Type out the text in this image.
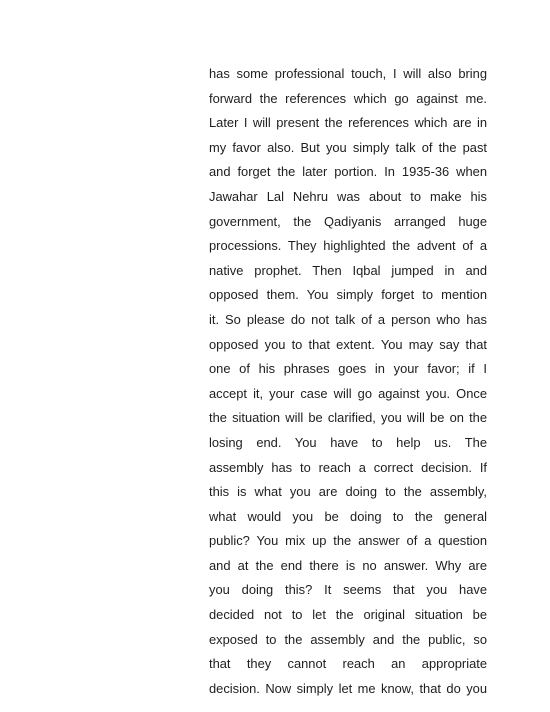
has some professional touch, I will also bring
forward the references which go against me.
Later I will present the references which are in
my favor also. But you simply talk of the past
and forget the later portion. In 1935-36 when
Jawahar Lal Nehru was about to make his
government, the Qadiyanis arranged huge
processions. They highlighted the advent of a
native prophet. Then Iqbal jumped in and
opposed them. You simply forget to mention
it. So please do not talk of a person who has
opposed you to that extent. You may say that
one of his phrases goes in your favor; if I
accept it, your case will go against you. Once
the situation will be clarified, you will be on the
losing end. You have to help us. The
assembly has to reach a correct decision. If
this is what you are doing to the assembly,
what would you be doing to the general
public? You mix up the answer of a question
and at the end there is no answer. Why are
you doing this? It seems that you have
decided not to let the original situation be
exposed to the assembly and the public, so
that they cannot reach an appropriate
decision. Now simply let me know, that do you
